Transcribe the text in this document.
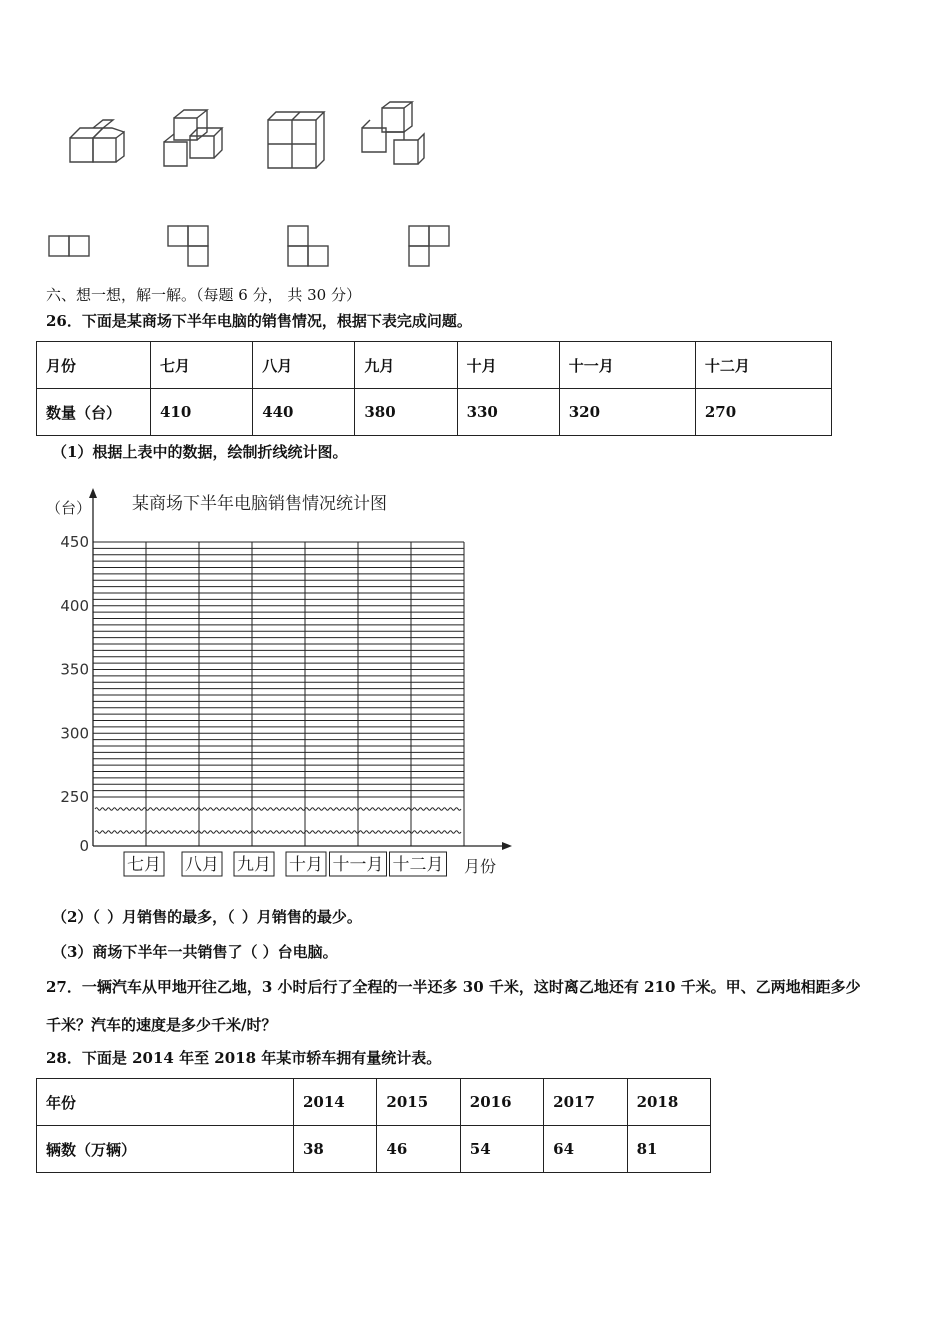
六、想一想，解一解。（每题 6 分， 共 30 分）
26．下面是某商场下半年电脑的销售情况，根据下表完成问题。
月份	七月	八月	九月	十月	十一月	十二月
数量（台）	410	440	380	330	320	270
（1）根据上表中的数据，绘制折线统计图。
某商场下半年电脑销售情况统计图
（台）
月份
450
400
350
300
250
0
七月 八月 九月 十月 十一月 十二月
（2）（ ）月销售的最多，（ ）月销售的最少。
（3）商场下半年一共销售了（ ）台电脑。
27．一辆汽车从甲地开往乙地，3 小时后行了全程的一半还多 30 千米，这时离乙地还有 210 千米。甲、乙两地相距多少
千米？汽车的速度是多少千米/时？
28．下面是 2014 年至 2018 年某市轿车拥有量统计表。
年份	2014	2015	2016	2017	2018
辆数（万辆）	38	46	54	64	81
